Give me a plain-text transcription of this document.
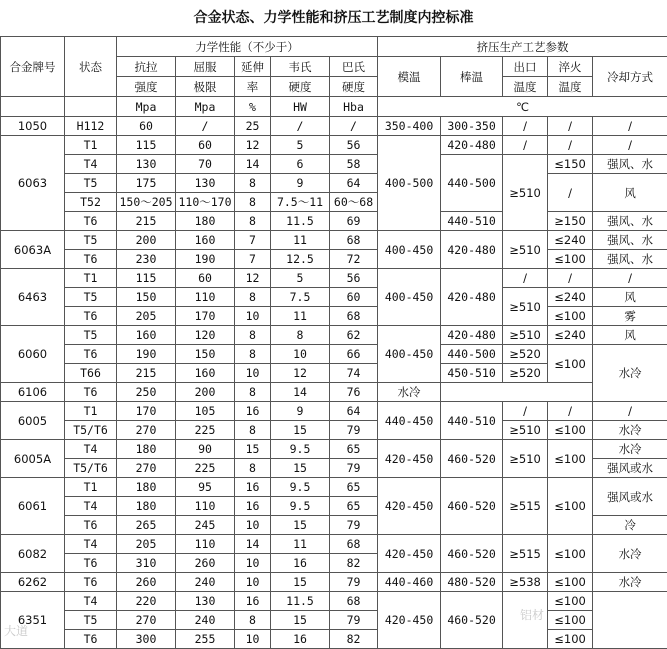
合金状态、力学性能和挤压工艺制度内控标准
合金牌号	状态	力学性能（不少于）					挤压生产工艺参数				
		抗拉	屈服	延伸	韦氏	巴氏	模温	棒温	出口	淬火	冷却方式
		强度	极限	率	硬度	硬度			温度	温度	
		Mpa	Mpa	%	HW	Hba	℃				
1050	H112	60	/	25	/	/	350-400	300-350	/	/	/
6063	T1	115	60	12	5	56	400-500	420-480	/	/	/
	T4	130	70	14	6	58		440-500	≥510	≤150	强风、水
	T5	175	130	8	9	64				/	风
	T52	150～205	110～170	8	7.5～11	60～68					
	T6	215	180	8	11.5	69		440-510		≥150	强风、水
6063A	T5	200	160	7	11	68	400-450	420-480	≥510	≤240	强风、水
	T6	230	190	7	12.5	72				≤100	强风、水
6463	T1	115	60	12	5	56	400-450	420-480	/	/	/
	T5	150	110	8	7.5	60			≥510	≤240	风
	T6	205	170	10	11	68				≤100	雾
6060	T5	160	120	8	8	62	400-450	420-480	≥510	≤240	风
	T6	190	150	8	10	66		440-500	≥520	≤100	水冷
	T66	215	160	10	12	74		450-510	≥520		
6106	T6	250	200	8	14	76	水冷				
6005	T1	170	105	16	9	64	440-450	440-510	/	/	/
	T5/T6	270	225	8	15	79			≥510	≤100	水冷
6005A	T4	180	90	15	9.5	65	420-450	460-520	≥510	≤100	水冷
	T5/T6	270	225	8	15	79					强风或水
6061	T1	180	95	16	9.5	65	420-450	460-520	≥515	≤100	强风或水
	T4	180	110	16	9.5	65					
	T6	265	245	10	15	79					冷
6082	T4	205	110	14	11	68	420-450	460-520	≥515	≤100	水冷
	T6	310	260	10	16	82					
6262	T6	260	240	10	15	79	440-460	480-520	≥538	≤100	水冷
6351	T4	220	130	16	11.5	68	420-450	460-520		≤100	
	T5	270	240	8	15	79				≤100	
	T6	300	255	10	16	82				≤100	
大道
铝材
